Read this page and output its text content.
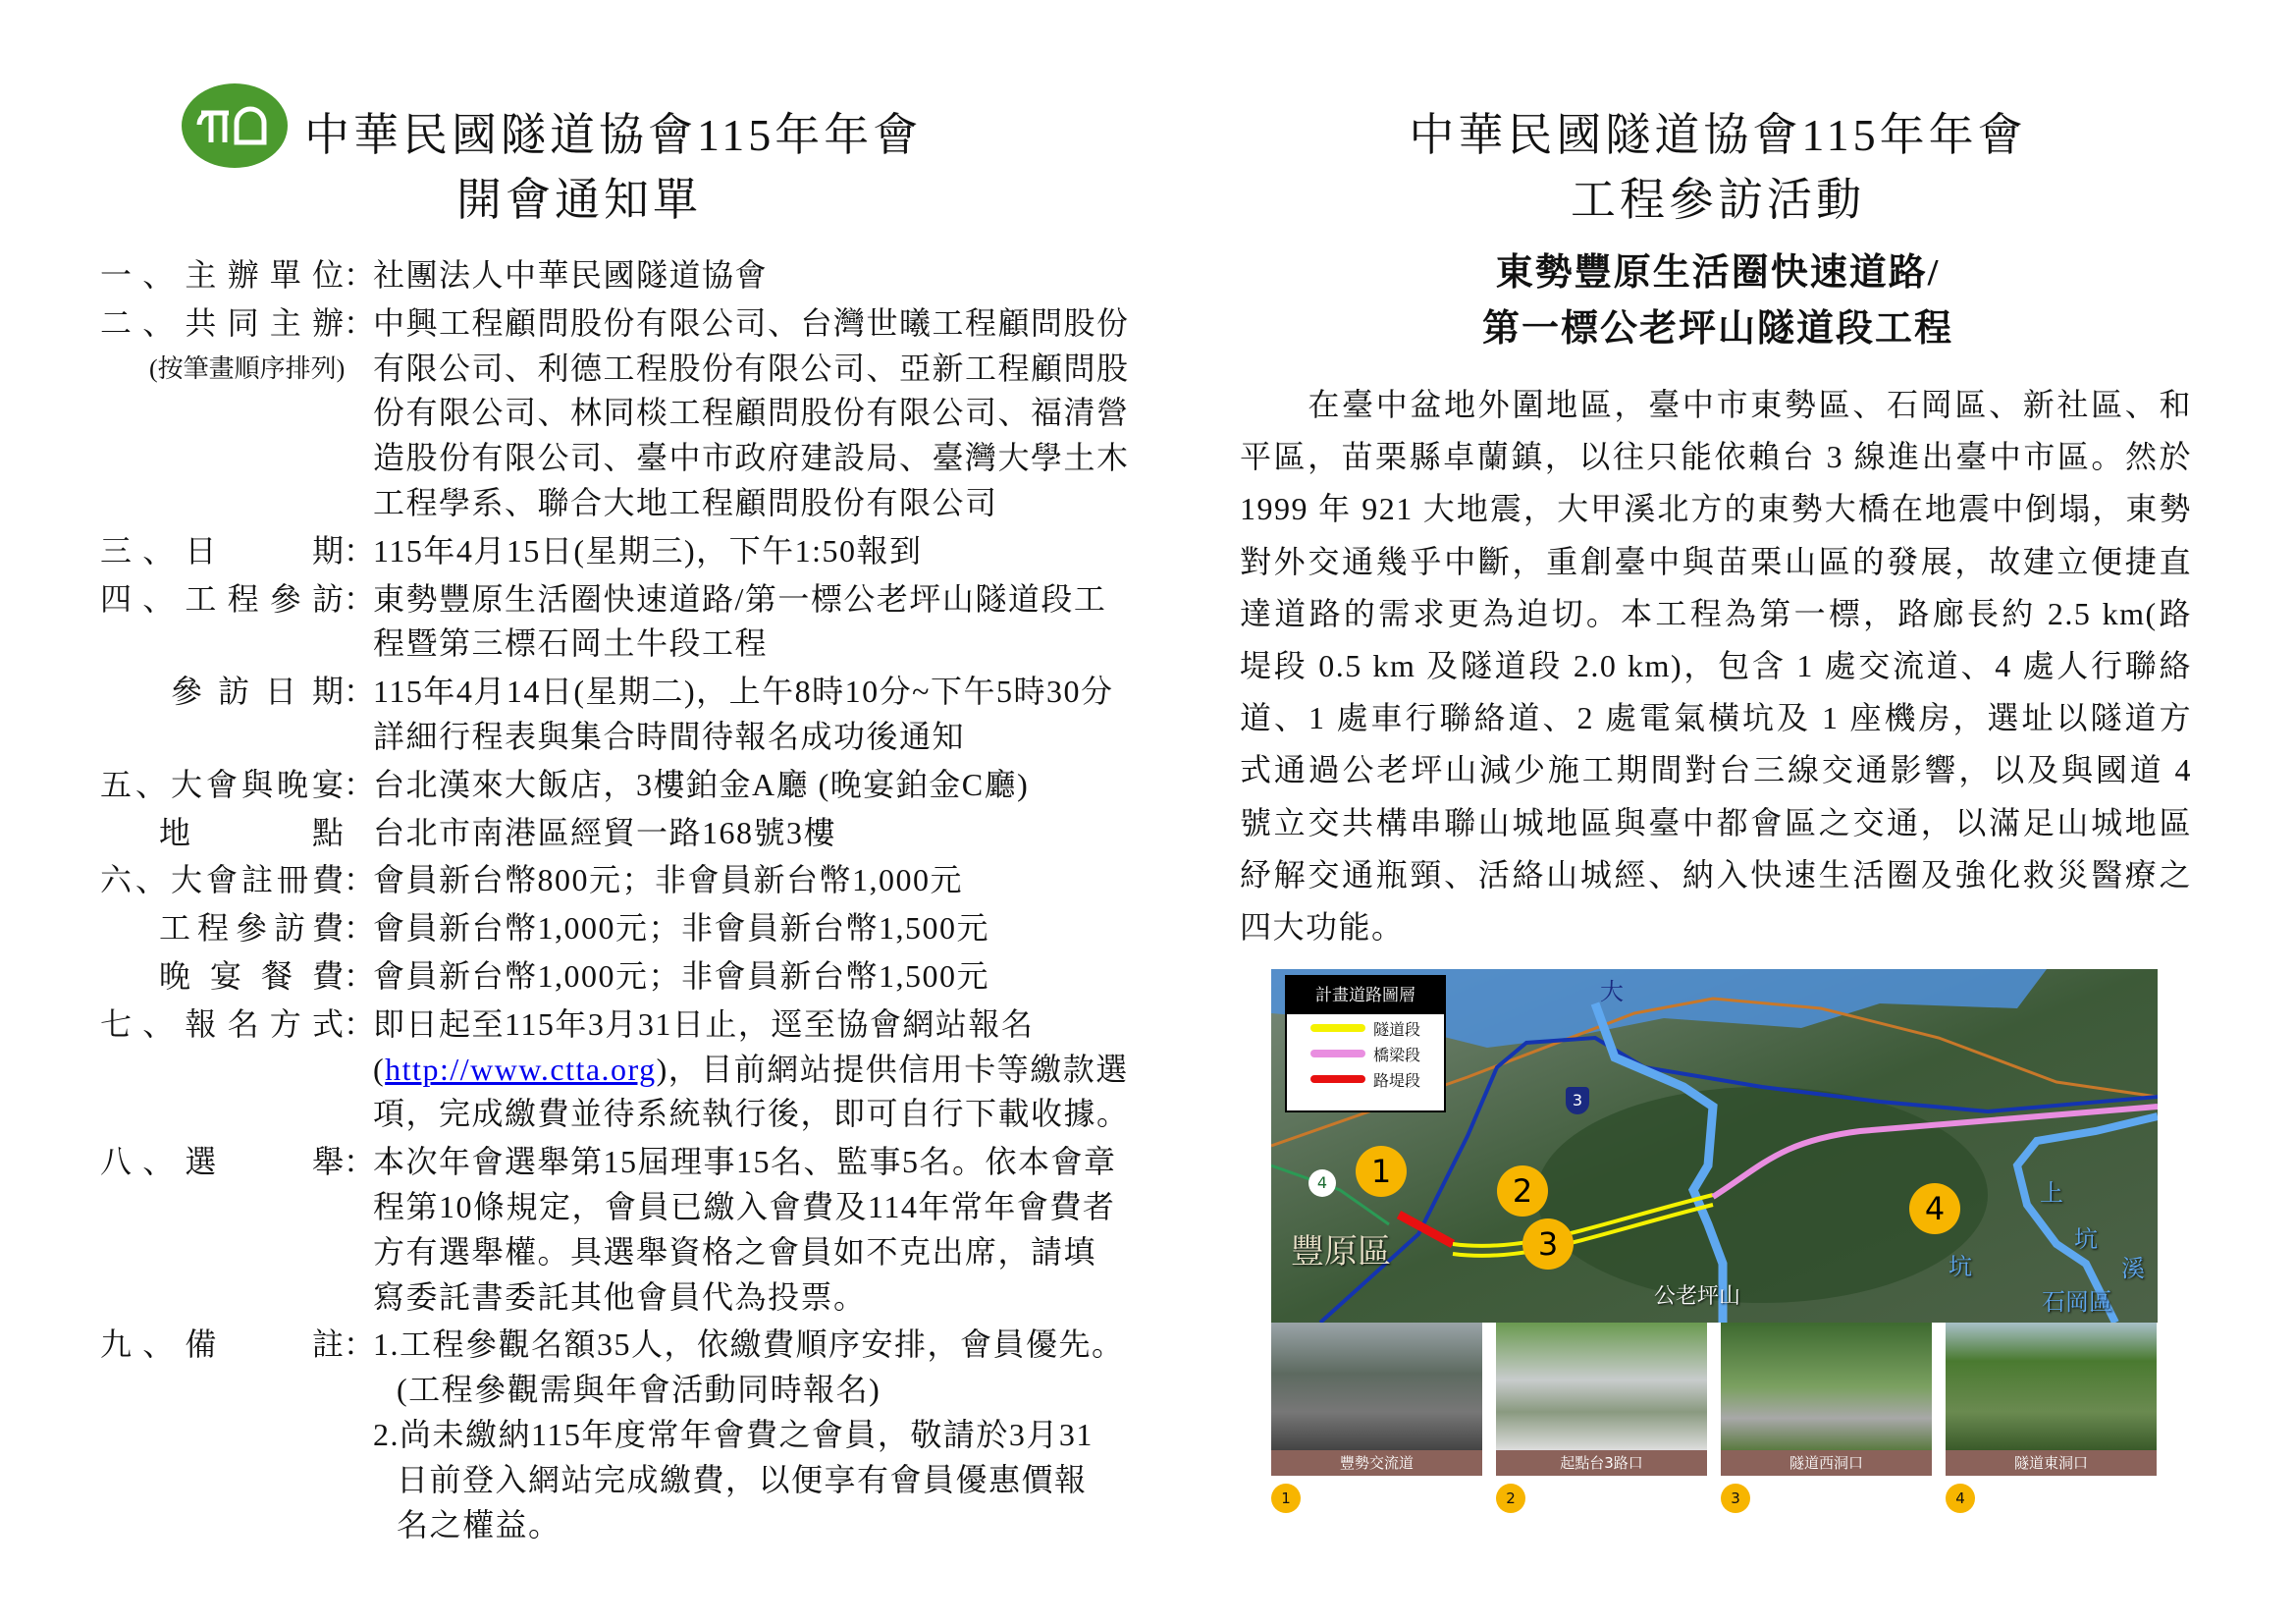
中華民國隧道協會115年年會
開會通知單
一、主辦單位 ：
社團法人中華民國隧道協會
二、共同主辦
(按筆畫順序排列)
：
中興工程顧問股份有限公司、台灣世曦工程顧問股份
有限公司、利德工程股份有限公司、亞新工程顧問股
份有限公司、林同棪工程顧問股份有限公司、福清營
造股份有限公司、臺中市政府建設局、臺灣大學土木
工程學系、聯合大地工程顧問股份有限公司
三、日　　期 ：
115年4月15日(星期三)，下午1:50報到
四、工程參訪 ：
東勢豐原生活圈快速道路/第一標公老坪山隧道段工
程暨第三標石岡土牛段工程
參訪日期 ：
115年4月14日(星期二)，上午8時10分~下午5時30分
詳細行程表與集合時間待報名成功後通知
五、大會與晚宴 ：
台北漢來大飯店，3樓鉑金A廳 (晚宴鉑金C廳)
地　　點 台北市南港區經貿一路168號3樓
六、大會註冊費 ：
會員新台幣800元；非會員新台幣1,000元
工程參訪費 ：
會員新台幣1,000元；非會員新台幣1,500元
晚宴餐費 ：
會員新台幣1,000元；非會員新台幣1,500元
七、報名方式 ：
即日起至115年3月31日止，逕至協會網站報名
(http://www.ctta.org)，目前網站提供信用卡等繳款選
項，完成繳費並待系統執行後，即可自行下載收據。
八、選　　舉 ：
本次年會選舉第15屆理事15名、監事5名。依本會章
程第10條規定，會員已繳入會費及114年常年會費者
方有選舉權。具選舉資格之會員如不克出席，請填
寫委託書委託其他會員代為投票。
九、備　　註 ：
1.工程參觀名額35人，依繳費順序安排，會員優先。
(工程參觀需與年會活動同時報名)
2.尚未繳納115年度常年會費之會員，敬請於3月31
日前登入網站完成繳費，以便享有會員優惠價報
名之權益。
中華民國隧道協會115年年會
工程參訪活動
東勢豐原生活圈快速道路/
第一標公老坪山隧道段工程
　　在臺中盆地外圍地區，臺中市東勢區、石岡區、新社區、和
平區，苗栗縣卓蘭鎮，以往只能依賴台 3 線進出臺中市區。然於
1999 年 921 大地震，大甲溪北方的東勢大橋在地震中倒塌，東勢
對外交通幾乎中斷，重創臺中與苗栗山區的發展，故建立便捷直
達道路的需求更為迫切。本工程為第一標，路廊長約 2.5 km(路
堤段 0.5 km 及隧道段 2.0 km)，包含 1 處交流道、4 處人行聯絡
道、1 處車行聯絡道、2 處電氣橫坑及 1 座機房，選址以隧道方
式通過公老坪山減少施工期間對台三線交通影響，以及與國道 4
號立交共構串聯山城地區與臺中都會區之交通，以滿足山城地區
紓解交通瓶頸、活絡山城經、納入快速生活圈及強化救災醫療之
四大功能。
計畫道路圖層
隧道段
橋梁段
路堤段
豐原區
公老坪山
大
上
坑
溪
坑
石岡區
3
4	1
2
3
4
豐勢交流道	起點台3路口	隧道西洞口	隧道東洞口
1	2	3	4
